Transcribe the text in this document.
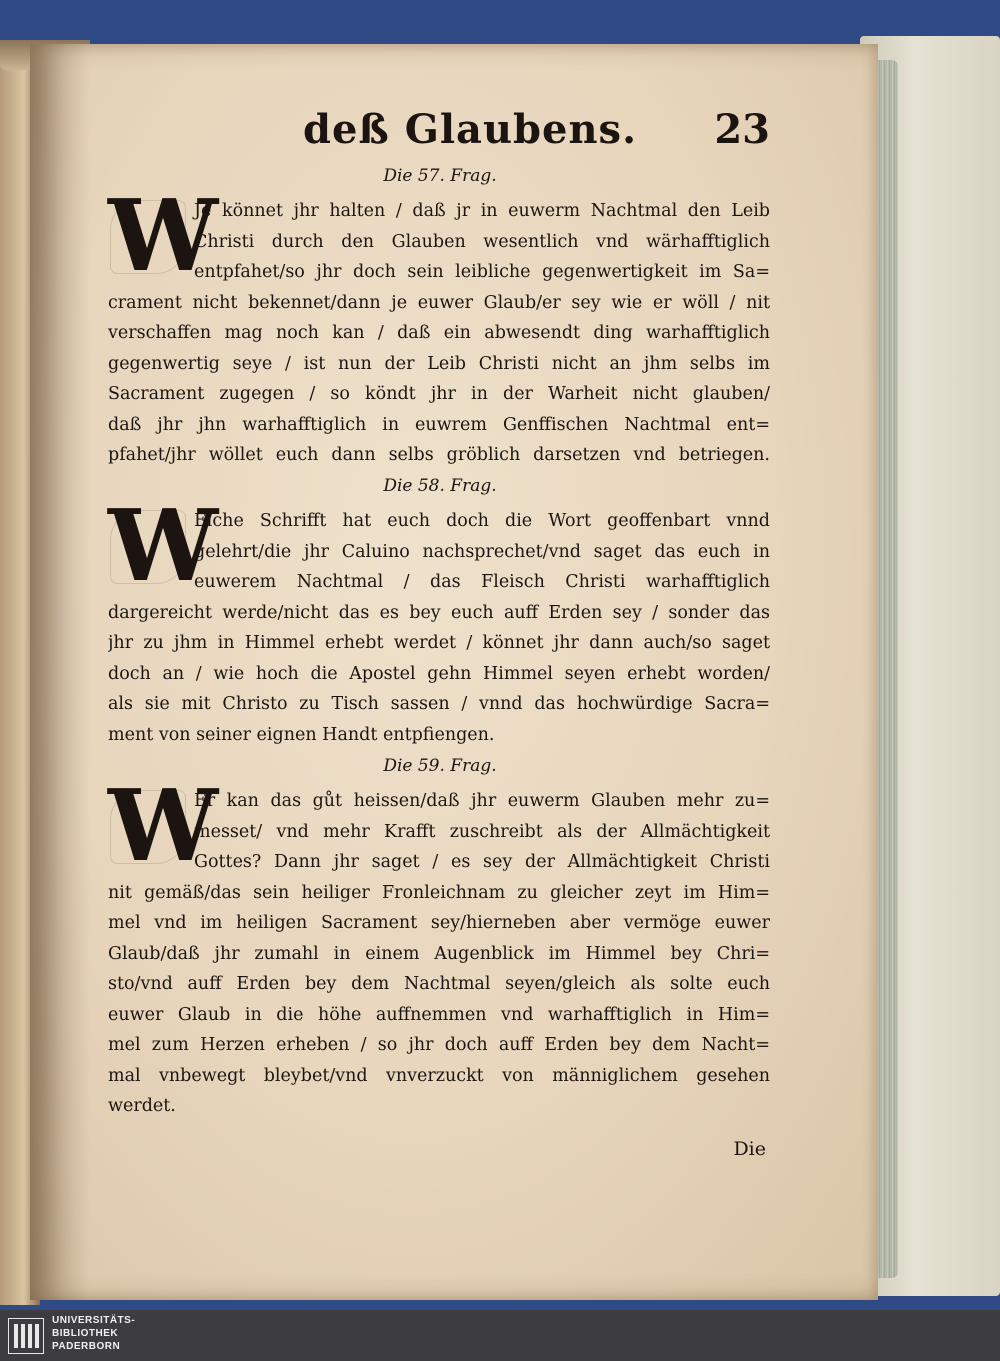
deß Glaubens.	23
Die 57. Frag.
W
Je könnet jhr halten / daß jr in euwerm Nachtmal den Leib
Christi durch den Glauben wesentlich vnd wärhafftiglich
entpfahet/so jhr doch sein leibliche gegenwertigkeit im Sa=
crament nicht bekennet/dann je euwer Glaub/er sey wie er wöll / nit
verschaffen mag noch kan / daß ein abwesendt ding warhafftiglich
gegenwertig seye / ist nun der Leib Christi nicht an jhm selbs im
Sacrament zugegen / so köndt jhr in der Warheit nicht glauben/
daß jhr jhn warhafftiglich in euwrem Genffischen Nachtmal ent=
pfahet/jhr wöllet euch dann selbs gröblich darsetzen vnd betriegen.
Die 58. Frag.
W
Elche Schrifft hat euch doch die Wort geoffenbart vnnd
gelehrt/die jhr Caluino nachsprechet/vnd saget das euch in
euwerem Nachtmal / das Fleisch Christi warhafftiglich
dargereicht werde/nicht das es bey euch auff Erden sey / sonder das
jhr zu jhm in Himmel erhebt werdet / könnet jhr dann auch/so saget
doch an / wie hoch die Apostel gehn Himmel seyen erhebt worden/
als sie mit Christo zu Tisch sassen / vnnd das hochwürdige Sacra=
ment von seiner eignen Handt entpfiengen.
Die 59. Frag.
W
Er kan das gůt heissen/daß jhr euwerm Glauben mehr zu=
messet/ vnd mehr Krafft zuschreibt als der Allmächtigkeit
Gottes? Dann jhr saget / es sey der Allmächtigkeit Christi
nit gemäß/das sein heiliger Fronleichnam zu gleicher zeyt im Him=
mel vnd im heiligen Sacrament sey/hierneben aber vermöge euwer
Glaub/daß jhr zumahl in einem Augenblick im Himmel bey Chri=
sto/vnd auff Erden bey dem Nachtmal seyen/gleich als solte euch
euwer Glaub in die höhe auffnemmen vnd warhafftiglich in Him=
mel zum Herzen erheben / so jhr doch auff Erden bey dem Nacht=
mal vnbewegt bleybet/vnd vnverzuckt von männiglichem gesehen
werdet.
Die
UNIVERSITÄTS-
BIBLIOTHEK
PADERBORN
